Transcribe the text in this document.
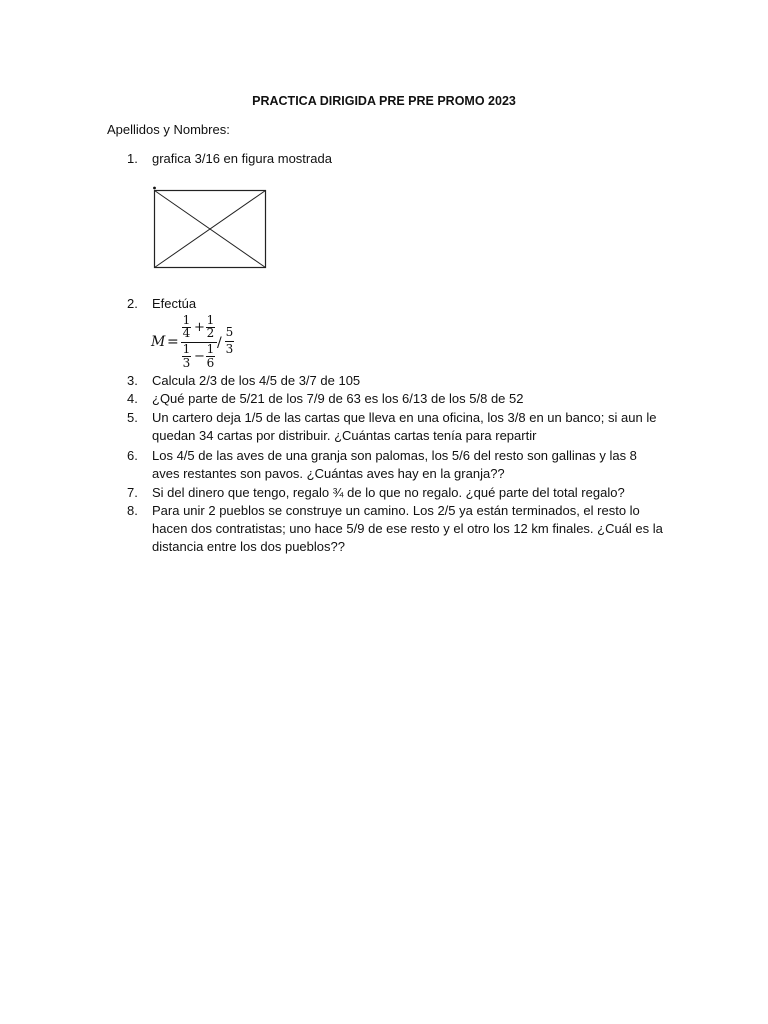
PRACTICA DIRIGIDA PRE PRE PROMO 2023
Apellidos y Nombres:
1. grafica 3/16 en figura mostrada
2. Efectúa
M =
1
4 + 1
2
1
3 − 1
6
/
5
3
3. Calcula 2/3 de los 4/5 de 3/7 de 105
4. ¿Qué parte de 5/21 de los 7/9 de 63 es los 6/13 de los 5/8 de 52
5. Un cartero deja 1/5 de las cartas que lleva en una oficina, los 3/8 en un banco; si aun le quedan 34 cartas por distribuir. ¿Cuántas cartas tenía para repartir
6. Los 4/5 de las aves de una granja son palomas, los 5/6 del resto son gallinas y las 8 aves restantes son pavos. ¿Cuántas aves hay en la granja??
7. Si del dinero que tengo, regalo ¾ de lo que no regalo. ¿qué parte del total regalo?
8. Para unir 2 pueblos se construye un camino. Los 2/5 ya están terminados, el resto lo hacen dos contratistas; uno hace 5/9 de ese resto y el otro los 12 km finales. ¿Cuál es la distancia entre los dos pueblos??
